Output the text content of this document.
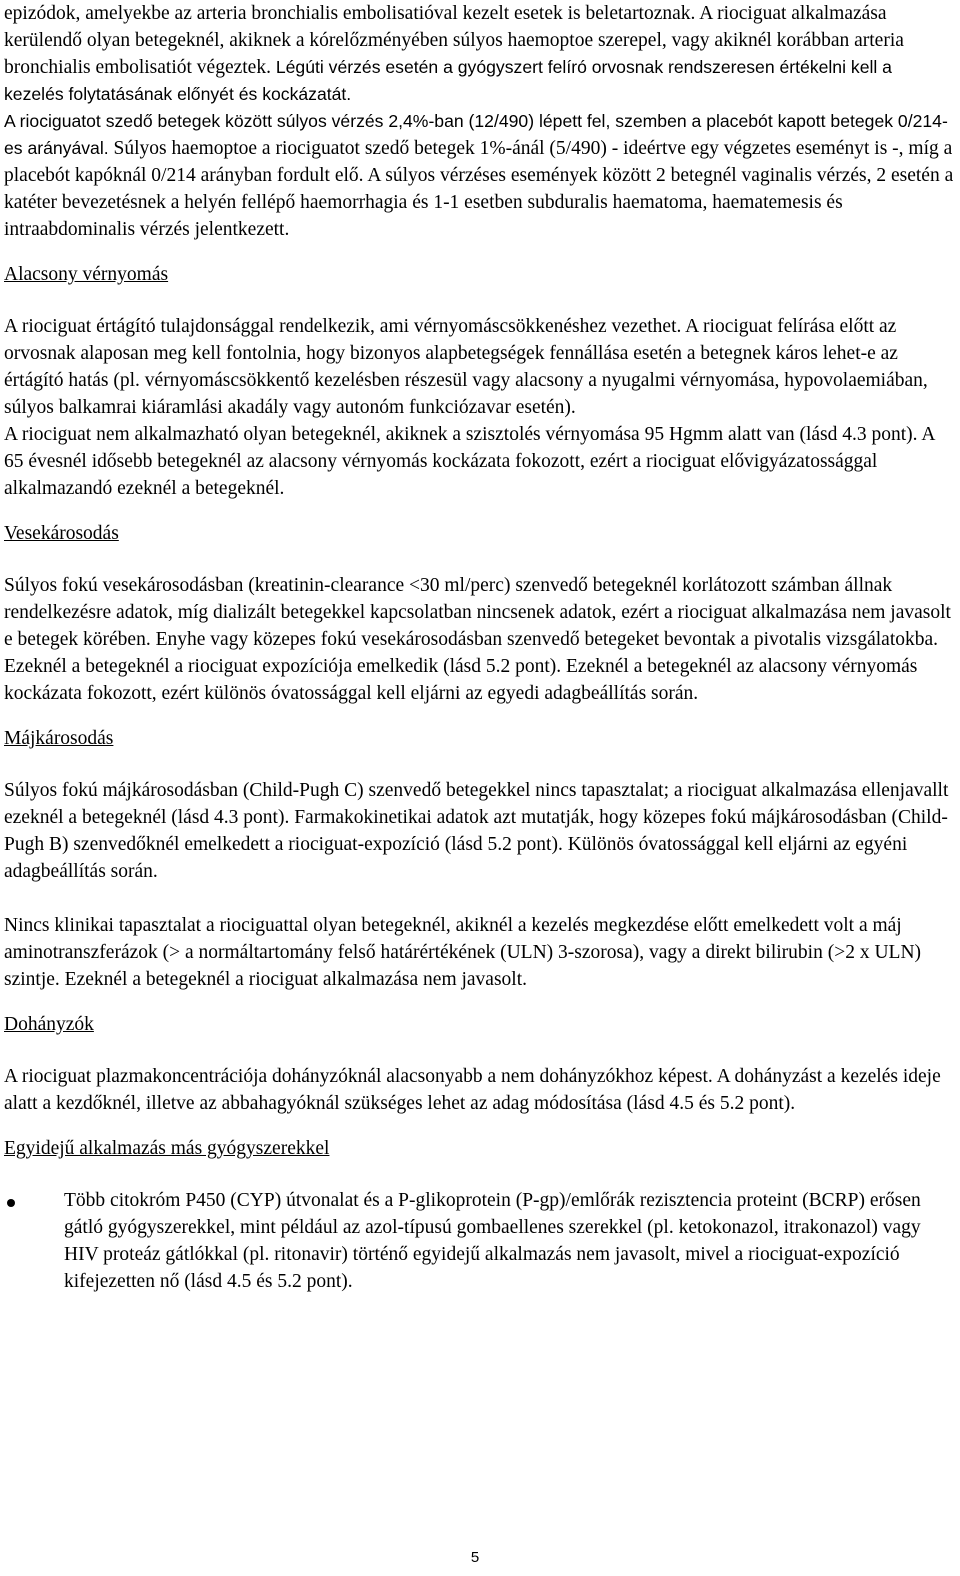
epizódok, amelyekbe az arteria bronchialis embolisatióval kezelt esetek is beletartoznak. A riociguat alkalmazása kerülendő olyan betegeknél, akiknek a kórelőzményében súlyos haemoptoe szerepel, vagy akiknél korábban arteria bronchialis embolisatiót végeztek. Légúti vérzés esetén a gyógyszert felíró orvosnak rendszeresen értékelni kell a kezelés folytatásának előnyét és kockázatát.

A riociguatot szedő betegek között súlyos vérzés 2,4%-ban (12/490) lépett fel, szemben a placebót kapott betegek 0/214-es arányával. Súlyos haemoptoe a riociguatot szedő betegek 1%-ánál (5/490) - ideértve egy végzetes eseményt is -, míg a placebót kapóknál 0/214 arányban fordult elő. A súlyos vérzéses események között 2 betegnél vaginalis vérzés, 2 esetén a katéter bevezetésnek a helyén fellépő haemorrhagia és 1-1 esetben subduralis haematoma, haematemesis és intraabdominalis vérzés jelentkezett.

Alacsony vérnyomás

A riociguat értágító tulajdonsággal rendelkezik, ami vérnyomáscsökkenéshez vezethet. A riociguat felírása előtt az orvosnak alaposan meg kell fontolnia, hogy bizonyos alapbetegségek fennállása esetén a betegnek káros lehet-e az értágító hatás (pl. vérnyomáscsökkentő kezelésben részesül vagy alacsony a nyugalmi vérnyomása, hypovolaemiában, súlyos balkamrai kiáramlási akadály vagy autonóm funkciózavar esetén).

A riociguat nem alkalmazható olyan betegeknél, akiknek a szisztolés vérnyomása 95 Hgmm alatt van (lásd 4.3 pont). A 65 évesnél idősebb betegeknél az alacsony vérnyomás kockázata fokozott, ezért a riociguat elővigyázatossággal alkalmazandó ezeknél a betegeknél.

Vesekárosodás

Súlyos fokú vesekárosodásban (kreatinin-clearance <30 ml/perc) szenvedő betegeknél korlátozott számban állnak rendelkezésre adatok, míg dializált betegekkel kapcsolatban nincsenek adatok, ezért a riociguat alkalmazása nem javasolt e betegek körében. Enyhe vagy közepes fokú vesekárosodásban szenvedő betegeket bevontak a pivotalis vizsgálatokba. Ezeknél a betegeknél a riociguat expozíciója emelkedik (lásd 5.2 pont). Ezeknél a betegeknél az alacsony vérnyomás kockázata fokozott, ezért különös óvatossággal kell eljárni az egyedi adagbeállítás során.

Májkárosodás

Súlyos fokú májkárosodásban (Child-Pugh C) szenvedő betegekkel nincs tapasztalat; a riociguat alkalmazása ellenjavallt ezeknél a betegeknél (lásd 4.3 pont). Farmakokinetikai adatok azt mutatják, hogy közepes fokú májkárosodásban (Child-Pugh B) szenvedőknél emelkedett a riociguat-expozíció (lásd 5.2 pont). Különös óvatossággal kell eljárni az egyéni adagbeállítás során.

Nincs klinikai tapasztalat a riociguattal olyan betegeknél, akiknél a kezelés megkezdése előtt emelkedett volt a máj aminotranszferázok (> a normáltartomány felső határértékének (ULN) 3-szorosa), vagy a direkt bilirubin (>2 x ULN) szintje. Ezeknél a betegeknél a riociguat alkalmazása nem javasolt.

Dohányzók

A riociguat plazmakoncentrációja dohányzóknál alacsonyabb a nem dohányzókhoz képest. A dohányzást a kezelés ideje alatt a kezdőknél, illetve az abbahagyóknál szükséges lehet az adag módosítása (lásd 4.5 és 5.2 pont).

Egyidejű alkalmazás más gyógyszerekkel

Több citokróm P450 (CYP) útvonalat és a P-glikoprotein (P-gp)/emlőrák rezisztencia proteint (BCRP) erősen gátló gyógyszerekkel, mint például az azol-típusú gombaellenes szerekkel (pl. ketokonazol, itrakonazol) vagy HIV proteáz gátlókkal (pl. ritonavir) történő egyidejű alkalmazás nem javasolt, mivel a riociguat-expozíció kifejezetten nő (lásd 4.5 és 5.2 pont).
5
